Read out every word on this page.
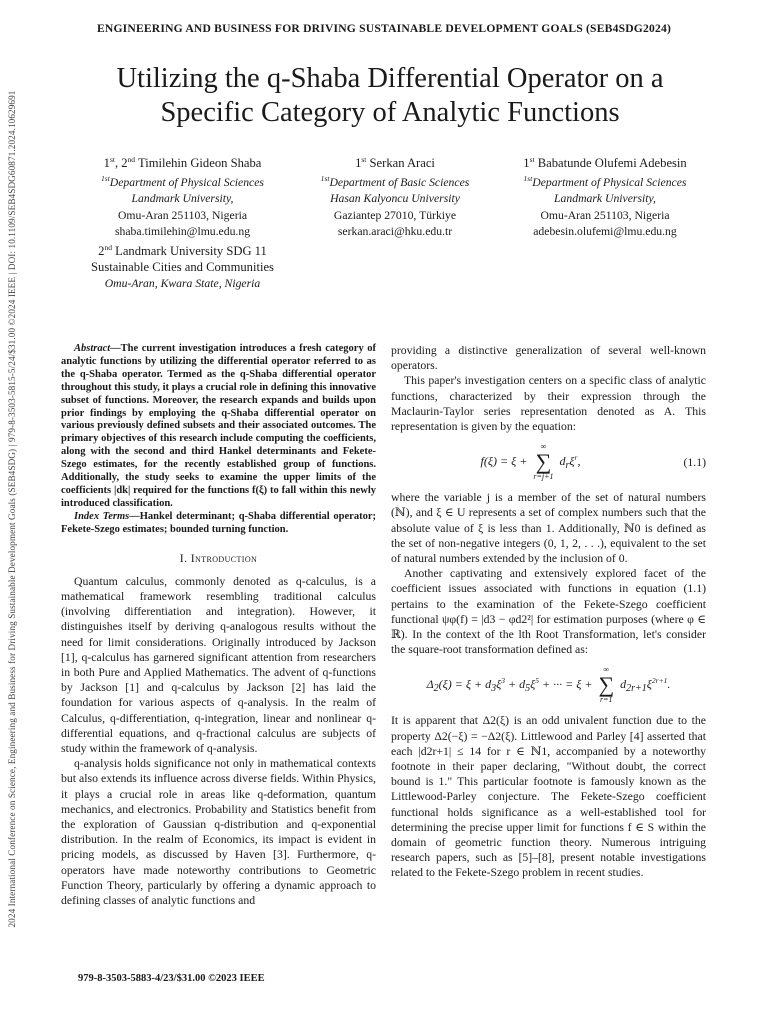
2024 International Conference on Science, Engineering and Business for Driving Sustainable Development Goals (SEB4SDG) | 979-8-3503-5815-5/24/$31.00 ©2024 IEEE | DOI: 10.1109/SEB4SDG60871.2024.10629691
ENGINEERING AND BUSINESS FOR DRIVING SUSTAINABLE DEVELOPMENT GOALS (SEB4SDG2024)
Utilizing the q-Shaba Differential Operator on a
Specific Category of Analytic Functions
1st, 2nd Timilehin Gideon Shaba
$^{1st}$Department of Physical Sciences
Landmark University,
Omu-Aran 251103, Nigeria
shaba.timilehin@lmu.edu.ng
2nd Landmark University SDG 11
Sustainable Cities and Communities
Omu-Aran, Kwara State, Nigeria
1st Serkan Araci
$^{1st}$Department of Basic Sciences
Hasan Kalyoncu University
Gaziantep 27010, Türkiye
serkan.araci@hku.edu.tr
1st Babatunde Olufemi Adebesin
$^{1st}$Department of Physical Sciences
Landmark University,
Omu-Aran 251103, Nigeria
adebesin.olufemi@lmu.edu.ng

Abstract—The current investigation introduces a fresh category of analytic functions by utilizing the differential operator referred to as the q-Shaba operator. Termed as the q-Shaba differential operator throughout this study, it plays a crucial role in defining this innovative subset of functions. Moreover, the research expands and builds upon prior findings by employing the q-Shaba differential operator on various previously defined subsets and their associated outcomes. The primary objectives of this research include computing the coefficients, along with the second and third Hankel determinants and Fekete-Szego estimates, for the recently established group of functions. Additionally, the study seeks to examine the upper limits of the coefficients |dk| required for the functions f(ξ) to fall within this newly introduced classification.

Index Terms—Hankel determinant; q-Shaba differential operator; Fekete-Szego estimates; bounded turning function.

I. Introduction

Quantum calculus, commonly denoted as q-calculus, is a mathematical framework resembling traditional calculus (involving differentiation and integration). However, it distinguishes itself by deriving q-analogous results without the need for limit considerations. Originally introduced by Jackson [1], q-calculus has garnered significant attention from researchers in both Pure and Applied Mathematics. The advent of q-functions by Jackson [1] and q-calculus by Jackson [2] has laid the foundation for various aspects of q-analysis. In the realm of Calculus, q-differentiation, q-integration, linear and nonlinear q-differential equations, and q-fractional calculus are subjects of study within the framework of q-analysis.

q-analysis holds significance not only in mathematical contexts but also extends its influence across diverse fields. Within Physics, it plays a crucial role in areas like q-deformation, quantum mechanics, and electronics. Probability and Statistics benefit from the exploration of Gaussian q-distribution and q-exponential distribution. In the realm of Economics, its impact is evident in pricing models, as discussed by Haven [3]. Furthermore, q-operators have made noteworthy contributions to Geometric Function Theory, particularly by offering a dynamic approach to defining classes of analytic functions and

providing a distinctive generalization of several well-known operators.

This paper's investigation centers on a specific class of analytic functions, characterized by their expression through the Maclaurin-Taylor series representation denoted as A. This representation is given by the equation:

f(ξ) = ξ +
∞
∑
r=j+1
$d_r\xi^r$,	(1.1)

where the variable j is a member of the set of natural numbers (ℕ), and ξ ∈ U represents a set of complex numbers such that the absolute value of ξ is less than 1. Additionally, ℕ0 is defined as the set of non-negative integers (0, 1, 2, . . .), equivalent to the set of natural numbers extended by the inclusion of 0.

Another captivating and extensively explored facet of the coefficient issues associated with functions in equation (1.1) pertains to the examination of the Fekete-Szego coefficient functional ψφ(f) = |d3 − φd2²| for estimation purposes (where φ ∈ ℝ). In the context of the lth Root Transformation, let's consider the square-root transformation defined as:

$\Delta_2(\xi) = \xi + d_3\xi^3 + d_5\xi^5$ + ··· = ξ +
∞
∑
r=1
$d_{2r+1}\xi^{2r+1}$.

It is apparent that Δ2(ξ) is an odd univalent function due to the property Δ2(−ξ) = −Δ2(ξ). Littlewood and Parley [4] asserted that each |d2r+1| ≤ 14 for r ∈ ℕ1, accompanied by a noteworthy footnote in their paper declaring, "Without doubt, the correct bound is 1." This particular footnote is famously known as the Littlewood-Parley conjecture. The Fekete-Szego coefficient functional holds significance as a well-established tool for determining the precise upper limit for functions f ∈ S within the domain of geometric function theory. Numerous intriguing research papers, such as [5]–[8], present notable investigations related to the Fekete-Szego problem in recent studies.

979-8-3503-5883-4/23/$31.00 ©2023 IEEE
